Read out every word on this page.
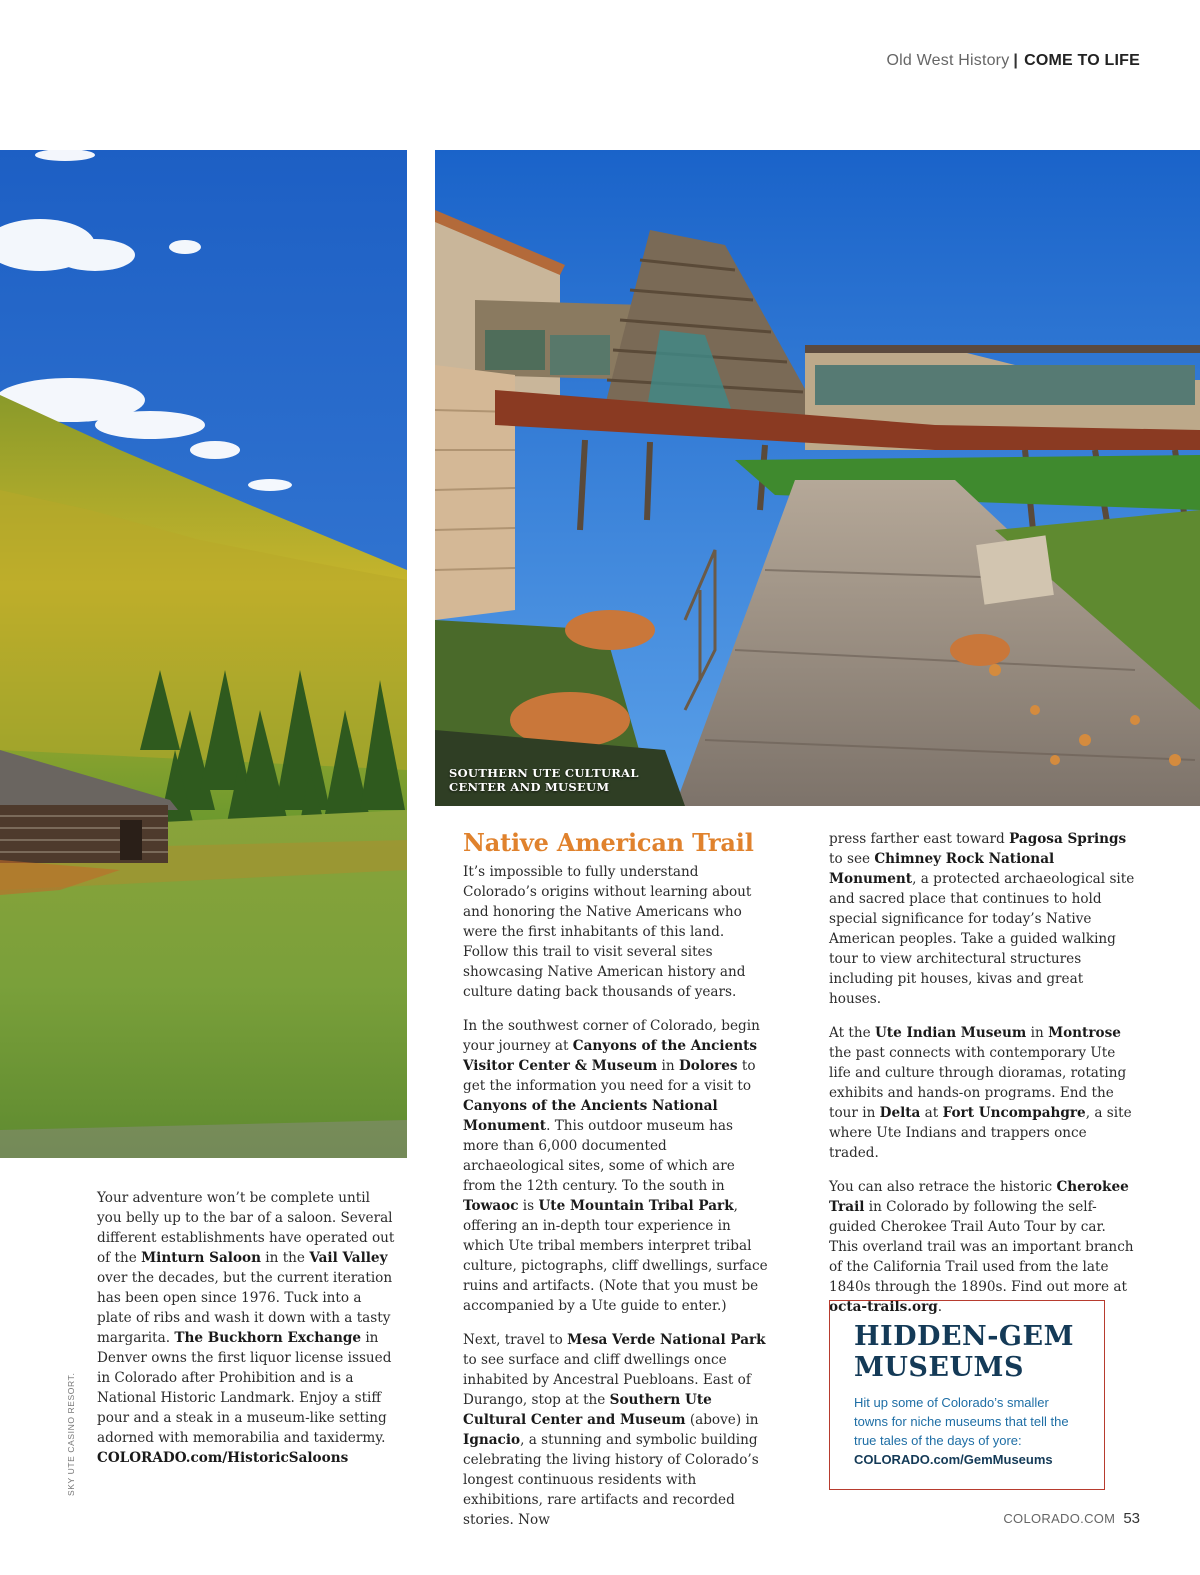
Old West History | COME TO LIFE
SOUTHERN UTE CULTURAL CENTER AND MUSEUM
SKY UTE CASINO RESORT.

Your adventure won’t be complete until you belly up to the bar of a saloon. Several different establishments have operated out of the Minturn Saloon in the Vail Valley over the decades, but the current iteration has been open since 1976. Tuck into a plate of ribs and wash it down with a tasty margarita. The Buckhorn Exchange in Denver owns the first liquor license issued in Colorado after Prohibition and is a National Historic Landmark. Enjoy a stiff pour and a steak in a museum-like setting adorned with memorabilia and taxidermy. COLORADO.com/HistoricSaloons

Native American Trail

It’s impossible to fully understand Colorado’s origins without learning about and honoring the Native Americans who were the first inhabitants of this land. Follow this trail to visit several sites showcasing Native American history and culture dating back thousands of years.

In the southwest corner of Colorado, begin your journey at Canyons of the Ancients Visitor Center & Museum in Dolores to get the information you need for a visit to Canyons of the Ancients National Monument. This outdoor museum has more than 6,000 documented archaeological sites, some of which are from the 12th century. To the south in Towaoc is Ute Mountain Tribal Park, offering an in-depth tour experience in which Ute tribal members interpret tribal culture, pictographs, cliff dwellings, surface ruins and artifacts. (Note that you must be accompanied by a Ute guide to enter.)

Next, travel to Mesa Verde National Park to see surface and cliff dwellings once inhabited by Ancestral Puebloans. East of Durango, stop at the Southern Ute Cultural Center and Museum (above) in Ignacio, a stunning and symbolic building celebrating the living history of Colorado’s longest continuous residents with exhibitions, rare artifacts and recorded stories. Now

press farther east toward Pagosa Springs to see Chimney Rock National Monument, a protected archaeological site and sacred place that continues to hold special significance for today’s Native American peoples. Take a guided walking tour to view architectural structures including pit houses, kivas and great houses.

At the Ute Indian Museum in Montrose the past connects with contemporary Ute life and culture through dioramas, rotating exhibits and hands-on programs. End the tour in Delta at Fort Uncompahgre, a site where Ute Indians and trappers once traded.

You can also retrace the historic Cherokee Trail in Colorado by following the self-guided Cherokee Trail Auto Tour by car. This overland trail was an important branch of the California Trail used from the late 1840s through the 1890s. Find out more at octa-trails.org.

HIDDEN-GEM
MUSEUMS
Hit up some of Colorado’s smaller towns for niche museums that tell the true tales of the days of yore:
COLORADO.com/GemMuseums
COLORADO.COM 53
